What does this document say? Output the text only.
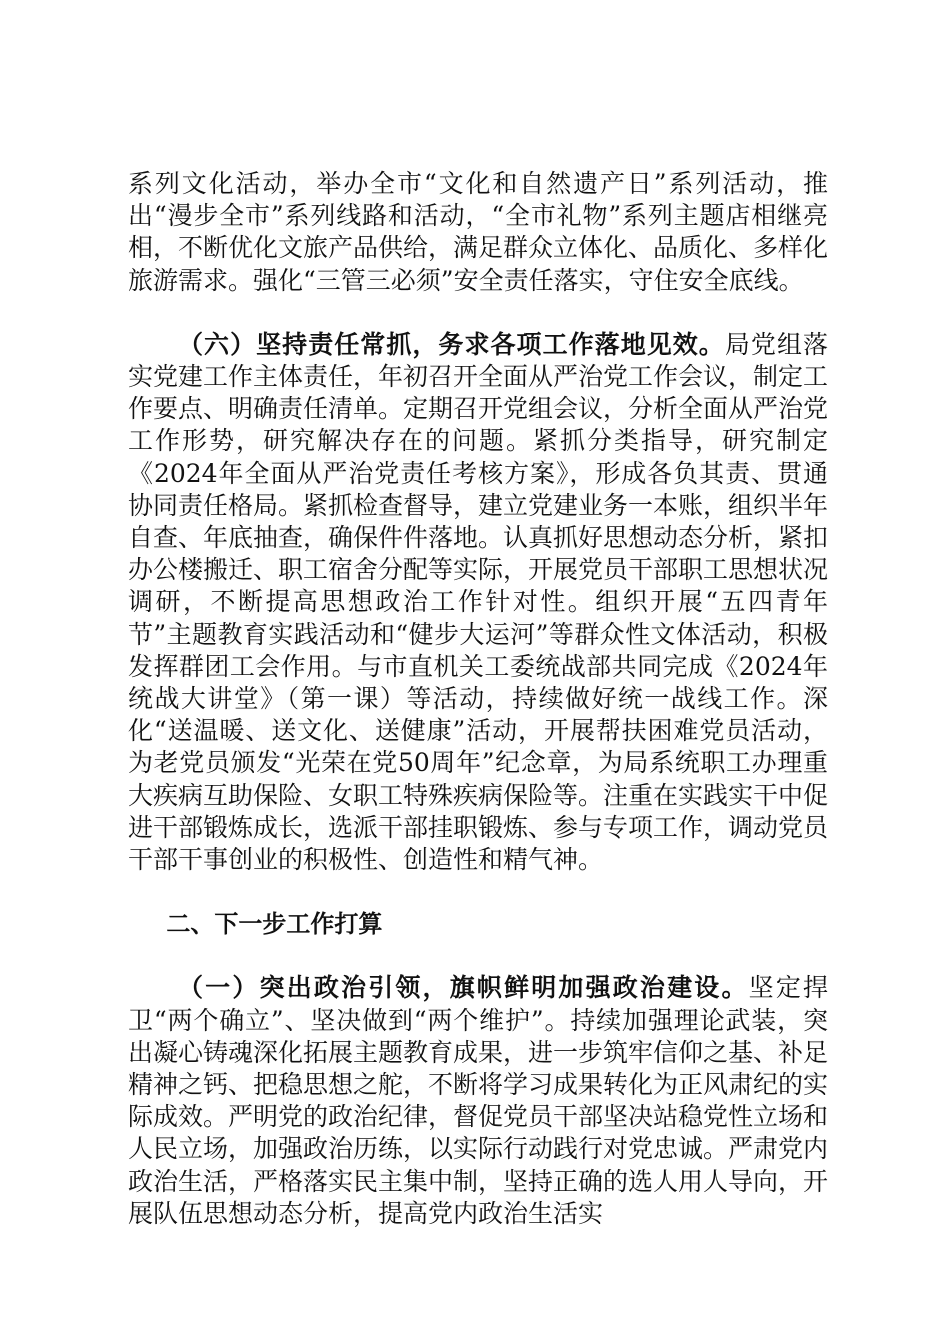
系列文化活动，举办全市“文化和自然遗产日”系列活动，推出“漫步全市”系列线路和活动，“全市礼物”系列主题店相继亮相，不断优化文旅产品供给，满足群众立体化、品质化、多样化旅游需求。强化“三管三必须”安全责任落实，守住安全底线。

（六）坚持责任常抓，务求各项工作落地见效。局党组落实党建工作主体责任，年初召开全面从严治党工作会议，制定工作要点、明确责任清单。定期召开党组会议，分析全面从严治党工作形势，研究解决存在的问题。紧抓分类指导，研究制定《2024年全面从严治党责任考核方案》，形成各负其责、贯通协同责任格局。紧抓检查督导，建立党建业务一本账，组织半年自查、年底抽查，确保件件落地。认真抓好思想动态分析，紧扣办公楼搬迁、职工宿舍分配等实际，开展党员干部职工思想状况调研，不断提高思想政治工作针对性。组织开展“五四青年节”主题教育实践活动和“健步大运河”等群众性文体活动，积极发挥群团工会作用。与市直机关工委统战部共同完成《2024年统战大讲堂》（第一课）等活动，持续做好统一战线工作。深化“送温暖、送文化、送健康”活动，开展帮扶困难党员活动，为老党员颁发“光荣在党50周年”纪念章，为局系统职工办理重大疾病互助保险、女职工特殊疾病保险等。注重在实践实干中促进干部锻炼成长，选派干部挂职锻炼、参与专项工作，调动党员干部干事创业的积极性、创造性和精气神。

二、下一步工作打算

（一）突出政治引领，旗帜鲜明加强政治建设。坚定捍卫“两个确立”、坚决做到“两个维护”。持续加强理论武装，突出凝心铸魂深化拓展主题教育成果，进一步筑牢信仰之基、补足精神之钙、把稳思想之舵，不断将学习成果转化为正风肃纪的实际成效。严明党的政治纪律，督促党员干部坚决站稳党性立场和人民立场，加强政治历练，以实际行动践行对党忠诚。严肃党内政治生活，严格落实民主集中制，坚持正确的选人用人导向，开展队伍思想动态分析，提高党内政治生活实
